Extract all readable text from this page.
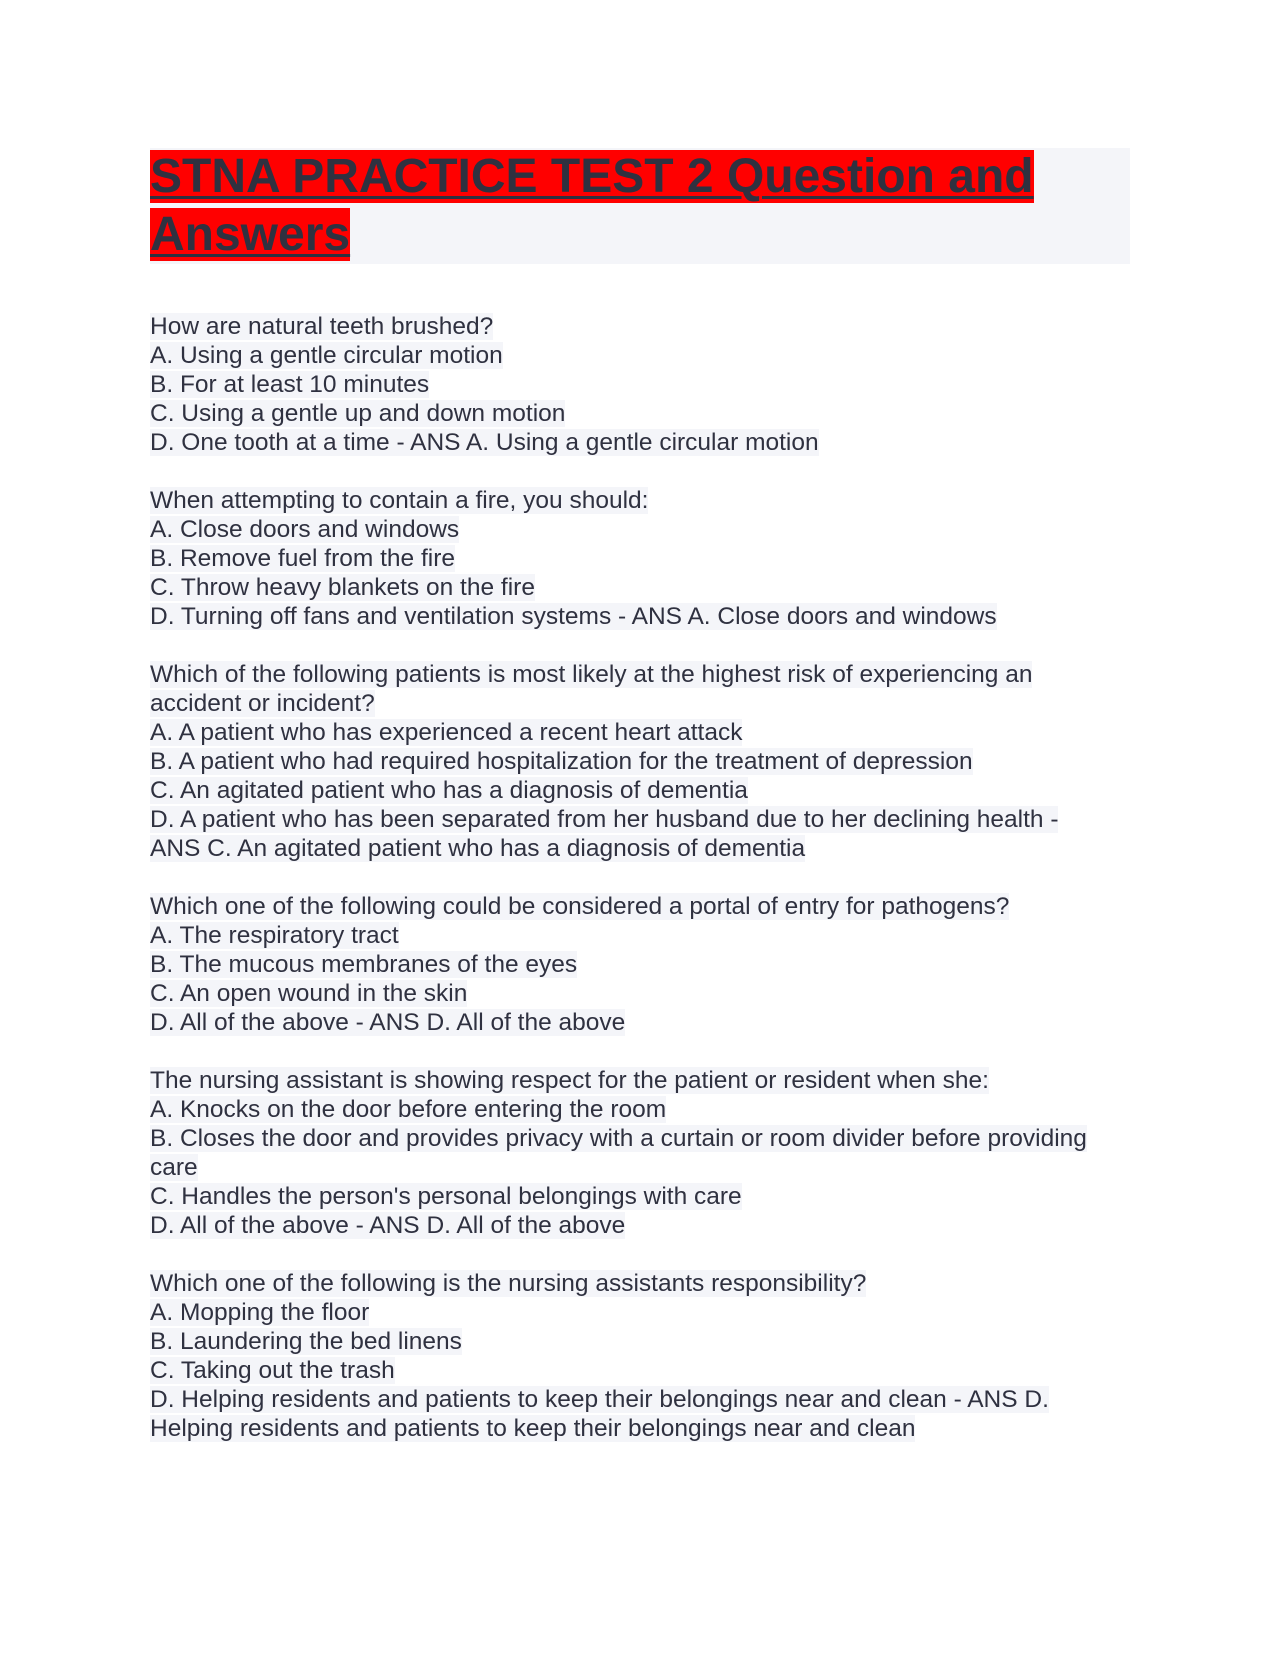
STNA PRACTICE TEST 2 Question and
Answers
How are natural teeth brushed?
A. Using a gentle circular motion
B. For at least 10 minutes
C. Using a gentle up and down motion
D. One tooth at a time - ANS A. Using a gentle circular motion
When attempting to contain a fire, you should:
A. Close doors and windows
B. Remove fuel from the fire
C. Throw heavy blankets on the fire
D. Turning off fans and ventilation systems - ANS A. Close doors and windows
Which of the following patients is most likely at the highest risk of experiencing an
accident or incident?
A. A patient who has experienced a recent heart attack
B. A patient who had required hospitalization for the treatment of depression
C. An agitated patient who has a diagnosis of dementia
D. A patient who has been separated from her husband due to her declining health -
ANS C. An agitated patient who has a diagnosis of dementia
Which one of the following could be considered a portal of entry for pathogens?
A. The respiratory tract
B. The mucous membranes of the eyes
C. An open wound in the skin
D. All of the above - ANS D. All of the above
The nursing assistant is showing respect for the patient or resident when she:
A. Knocks on the door before entering the room
B. Closes the door and provides privacy with a curtain or room divider before providing
care
C. Handles the person's personal belongings with care
D. All of the above - ANS D. All of the above
Which one of the following is the nursing assistants responsibility?
A. Mopping the floor
B. Laundering the bed linens
C. Taking out the trash
D. Helping residents and patients to keep their belongings near and clean - ANS D.
Helping residents and patients to keep their belongings near and clean
